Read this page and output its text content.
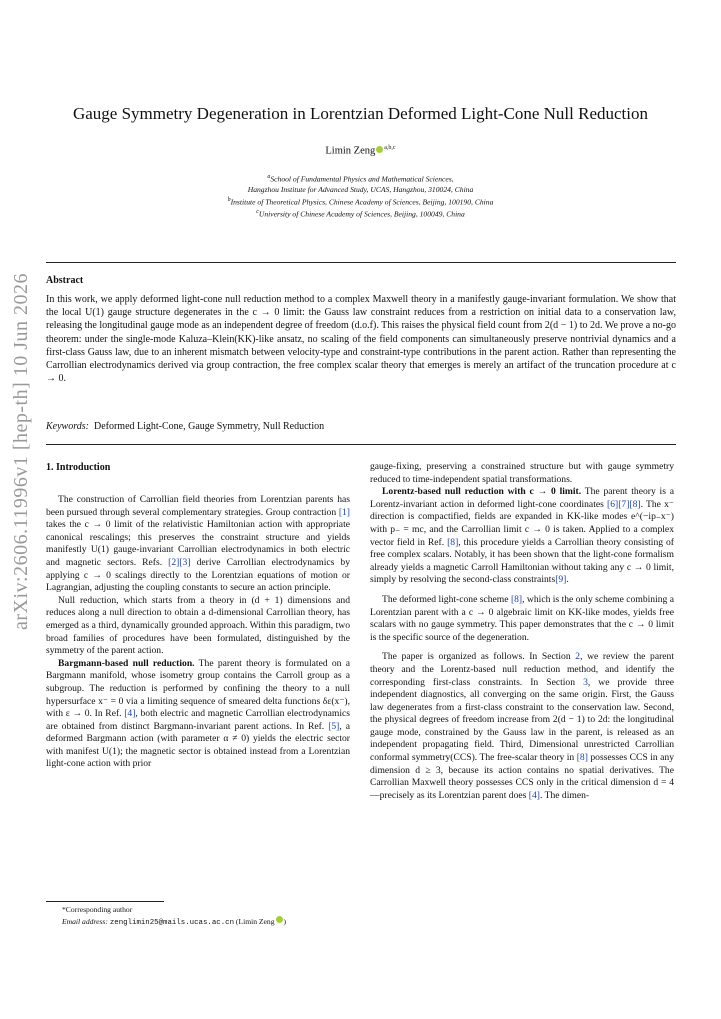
arXiv:2606.11996v1 [hep-th] 10 Jun 2026
Gauge Symmetry Degeneration in Lorentzian Deformed Light-Cone Null Reduction
Limin Zeng $^{a,b,c}$
$^a$School of Fundamental Physics and Mathematical Sciences,
Hangzhou Institute for Advanced Study, UCAS, Hangzhou, 310024, China
$^b$Institute of Theoretical Physics, Chinese Academy of Sciences, Beijing, 100190, China
$^c$University of Chinese Academy of Sciences, Beijing, 100049, China
Abstract
In this work, we apply deformed light-cone null reduction method to a complex Maxwell theory in a manifestly gauge-invariant formulation. We show that the local U(1) gauge structure degenerates in the c → 0 limit: the Gauss law constraint reduces from a restriction on initial data to a conservation law, releasing the longitudinal gauge mode as an independent degree of freedom (d.o.f). This raises the physical field count from 2(d − 1) to 2d. We prove a no-go theorem: under the single-mode Kaluza–Klein(KK)-like ansatz, no scaling of the field components can simultaneously preserve nontrivial dynamics and a first-class Gauss law, due to an inherent mismatch between velocity-type and constraint-type contributions in the parent action. Rather than representing the Carrollian electrodynamics derived via group contraction, the free complex scalar theory that emerges is merely an artifact of the truncation procedure at c → 0.
Keywords: Deformed Light-Cone, Gauge Symmetry, Null Reduction
1. Introduction

The construction of Carrollian field theories from Lorentzian parents has been pursued through several complementary strategies. Group contraction [1] takes the c → 0 limit of the relativistic Hamiltonian action with appropriate canonical rescalings; this preserves the constraint structure and yields manifestly U(1) gauge-invariant Carrollian electrodynamics in both electric and magnetic sectors. Refs. [2][3] derive Carrollian electrodynamics by applying c → 0 scalings directly to the Lorentzian equations of motion or Lagrangian, adjusting the coupling constants to secure an action principle.

Null reduction, which starts from a theory in (d + 1) dimensions and reduces along a null direction to obtain a d-dimensional Carrollian theory, has emerged as a third, dynamically grounded approach. Within this paradigm, two broad families of procedures have been formulated, distinguished by the symmetry of the parent action.

Bargmann-based null reduction. The parent theory is formulated on a Bargmann manifold, whose isometry group contains the Carroll group as a subgroup. The reduction is performed by confining the theory to a null hypersurface x⁻ = 0 via a limiting sequence of smeared delta functions δε(x⁻), with ε → 0. In Ref. [4], both electric and magnetic Carrollian electrodynamics are obtained from distinct Bargmann-invariant parent actions. In Ref. [5], a deformed Bargmann action (with parameter α ≠ 0) yields the electric sector with manifest U(1); the magnetic sector is obtained instead from a Lorentzian light-cone action with prior

gauge-fixing, preserving a constrained structure but with gauge symmetry reduced to time-independent spatial transformations.

Lorentz-based null reduction with c → 0 limit. The parent theory is a Lorentz-invariant action in deformed light-cone coordinates [6][7][8]. The x⁻ direction is compactified, fields are expanded in KK-like modes e^(−ip₋x⁻) with p₋ = mc, and the Carrollian limit c → 0 is taken. Applied to a complex vector field in Ref. [8], this procedure yields a Carrollian theory consisting of free complex scalars. Notably, it has been shown that the light-cone formalism already yields a magnetic Carroll Hamiltonian without taking any c → 0 limit, simply by resolving the second-class constraints[9].

The deformed light-cone scheme [8], which is the only scheme combining a Lorentzian parent with a c → 0 algebraic limit on KK-like modes, yields free scalars with no gauge symmetry. This paper demonstrates that the c → 0 limit is the specific source of the degeneration.

The paper is organized as follows. In Section 2, we review the parent theory and the Lorentz-based null reduction method, and identify the corresponding first-class constraints. In Section 3, we provide three independent diagnostics, all converging on the same origin. First, the Gauss law degenerates from a first-class constraint to the conservation law. Second, the physical degrees of freedom increase from 2(d − 1) to 2d: the longitudinal gauge mode, constrained by the Gauss law in the parent, is released as an independent propagating field. Third, Dimensional unrestricted Carrollian conformal symmetry(CCS). The free-scalar theory in [8] possesses CCS in any dimension d ≥ 3, because its action contains no spatial derivatives. The Carrollian Maxwell theory possesses CCS only in the critical dimension d = 4—precisely as its Lorentzian parent does [4]. The dimen-

*Corresponding author
Email address: zenglimin25@mails.ucas.ac.cn (Limin Zeng )
